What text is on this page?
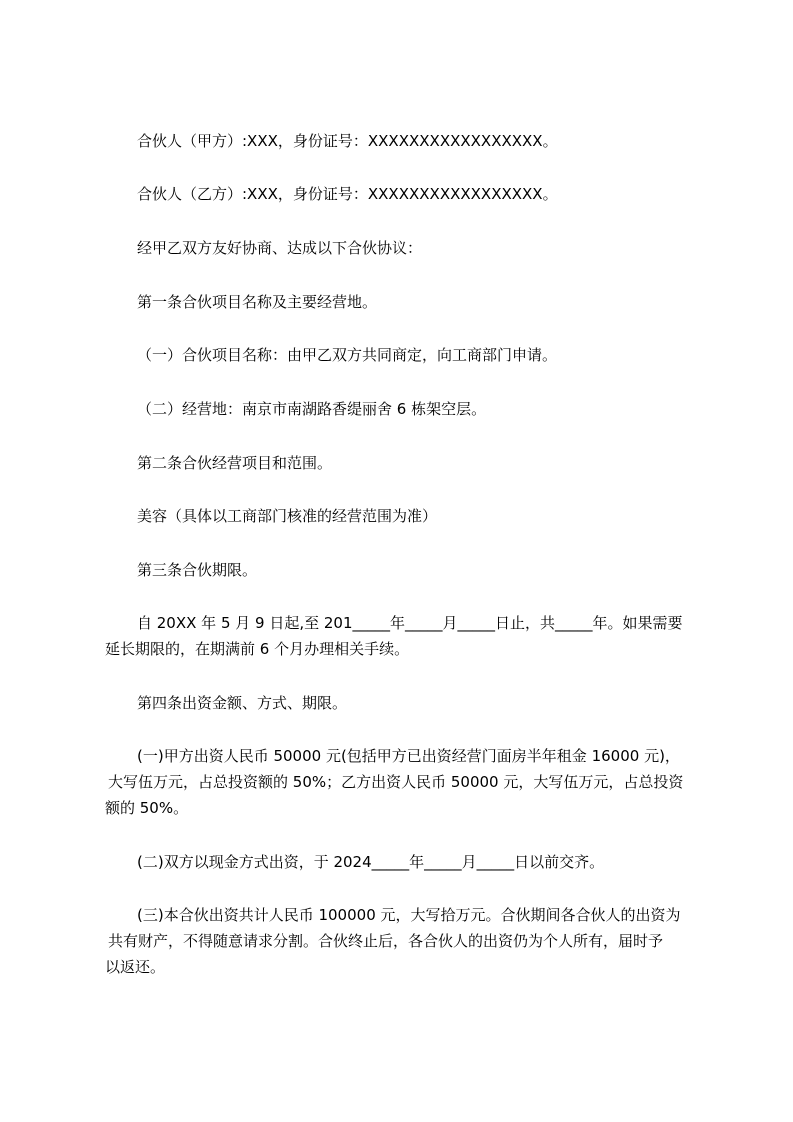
合伙人（甲方）:XXX，身份证号：XXXXXXXXXXXXXXXXX。
合伙人（乙方）:XXX，身份证号：XXXXXXXXXXXXXXXXX。
经甲乙双方友好协商、达成以下合伙协议：
第一条合伙项目名称及主要经营地。
（一）合伙项目名称：由甲乙双方共同商定，向工商部门申请。
（二）经营地：南京市南湖路香缇丽舍 6 栋架空层。
第二条合伙经营项目和范围。
美容（具体以工商部门核准的经营范围为准）
第三条合伙期限。
自 20XX 年 5 月 9 日起,至 201_____年_____月_____日止，共_____年。如果需要
延长期限的，在期满前 6 个月办理相关手续。
第四条出资金额、方式、期限。
(一)甲方出资人民币 50000 元(包括甲方已出资经营门面房半年租金 16000 元)，
大写伍万元，占总投资额的 50%；乙方出资人民币 50000 元，大写伍万元，占总投资
额的 50%。
(二)双方以现金方式出资，于 2024_____年_____月_____日以前交齐。
(三)本合伙出资共计人民币 100000 元，大写拾万元。合伙期间各合伙人的出资为
共有财产，不得随意请求分割。合伙终止后，各合伙人的出资仍为个人所有，届时予
以返还。
